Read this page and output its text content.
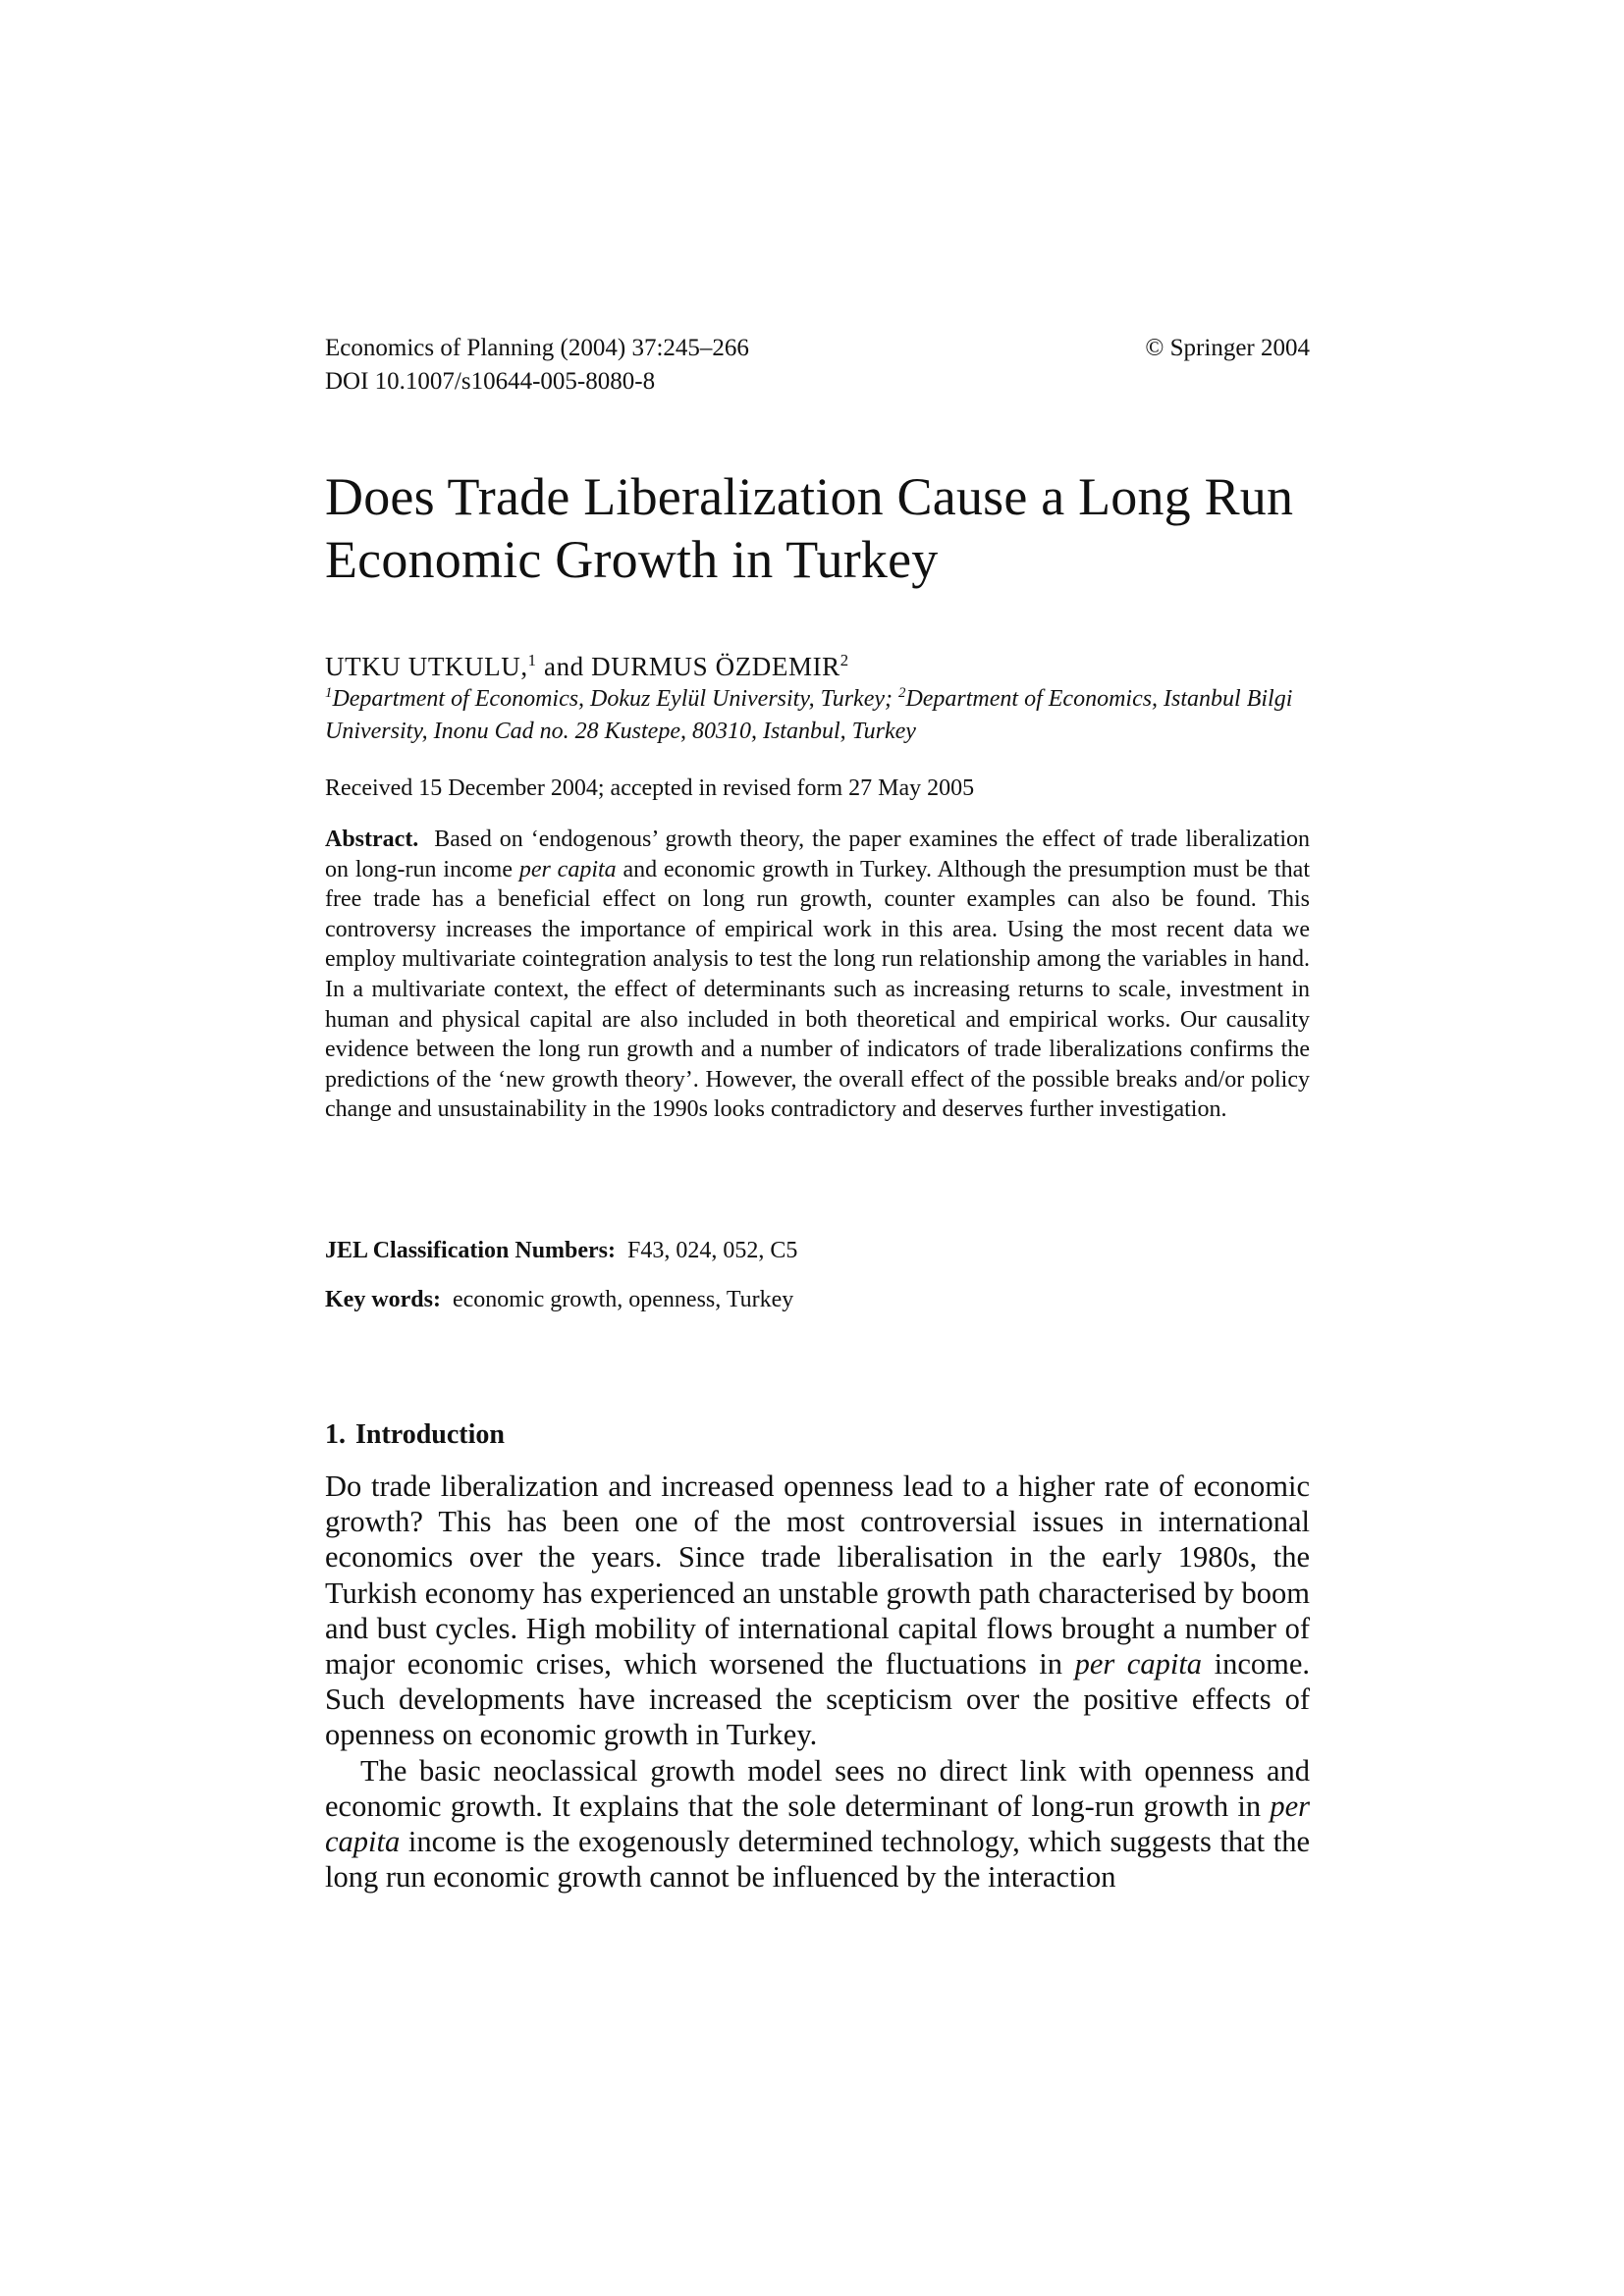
Economics of Planning (2004) 37:245–266
DOI 10.1007/s10644-005-8080-8
© Springer 2004
Does Trade Liberalization Cause a Long Run Economic Growth in Turkey
UTKU UTKULU,$^1$ and DURMUS ÖZDEMIR$^2$
$^1$Department of Economics, Dokuz Eylül University, Turkey; $^2$Department of Economics, Istanbul Bilgi University, Inonu Cad no. 28 Kustepe, 80310, Istanbul, Turkey
Received 15 December 2004; accepted in revised form 27 May 2005

Abstract. Based on ‘endogenous’ growth theory, the paper examines the effect of trade liberalization on long-run income per capita and economic growth in Turkey. Although the presumption must be that free trade has a beneficial effect on long run growth, counter examples can also be found. This controversy increases the importance of empirical work in this area. Using the most recent data we employ multivariate cointegration analysis to test the long run relationship among the variables in hand. In a multivariate context, the effect of determinants such as increasing returns to scale, investment in human and physical capital are also included in both theoretical and empirical works. Our causality evidence between the long run growth and a number of indicators of trade liberalizations confirms the predictions of the ‘new growth theory’. However, the overall effect of the possible breaks and/or policy change and unsustainability in the 1990s looks contradictory and deserves further investigation.

JEL Classification Numbers: F43, 024, 052, C5
Key words: economic growth, openness, Turkey
1. Introduction

Do trade liberalization and increased openness lead to a higher rate of economic growth? This has been one of the most controversial issues in international economics over the years. Since trade liberalisation in the early 1980s, the Turkish economy has experienced an unstable growth path characterised by boom and bust cycles. High mobility of international capital flows brought a number of major economic crises, which worsened the fluctuations in per capita income. Such developments have increased the scepticism over the positive effects of openness on economic growth in Turkey.

The basic neoclassical growth model sees no direct link with openness and economic growth. It explains that the sole determinant of long-run growth in per capita income is the exogenously determined technology, which suggests that the long run economic growth cannot be influenced by the interaction
